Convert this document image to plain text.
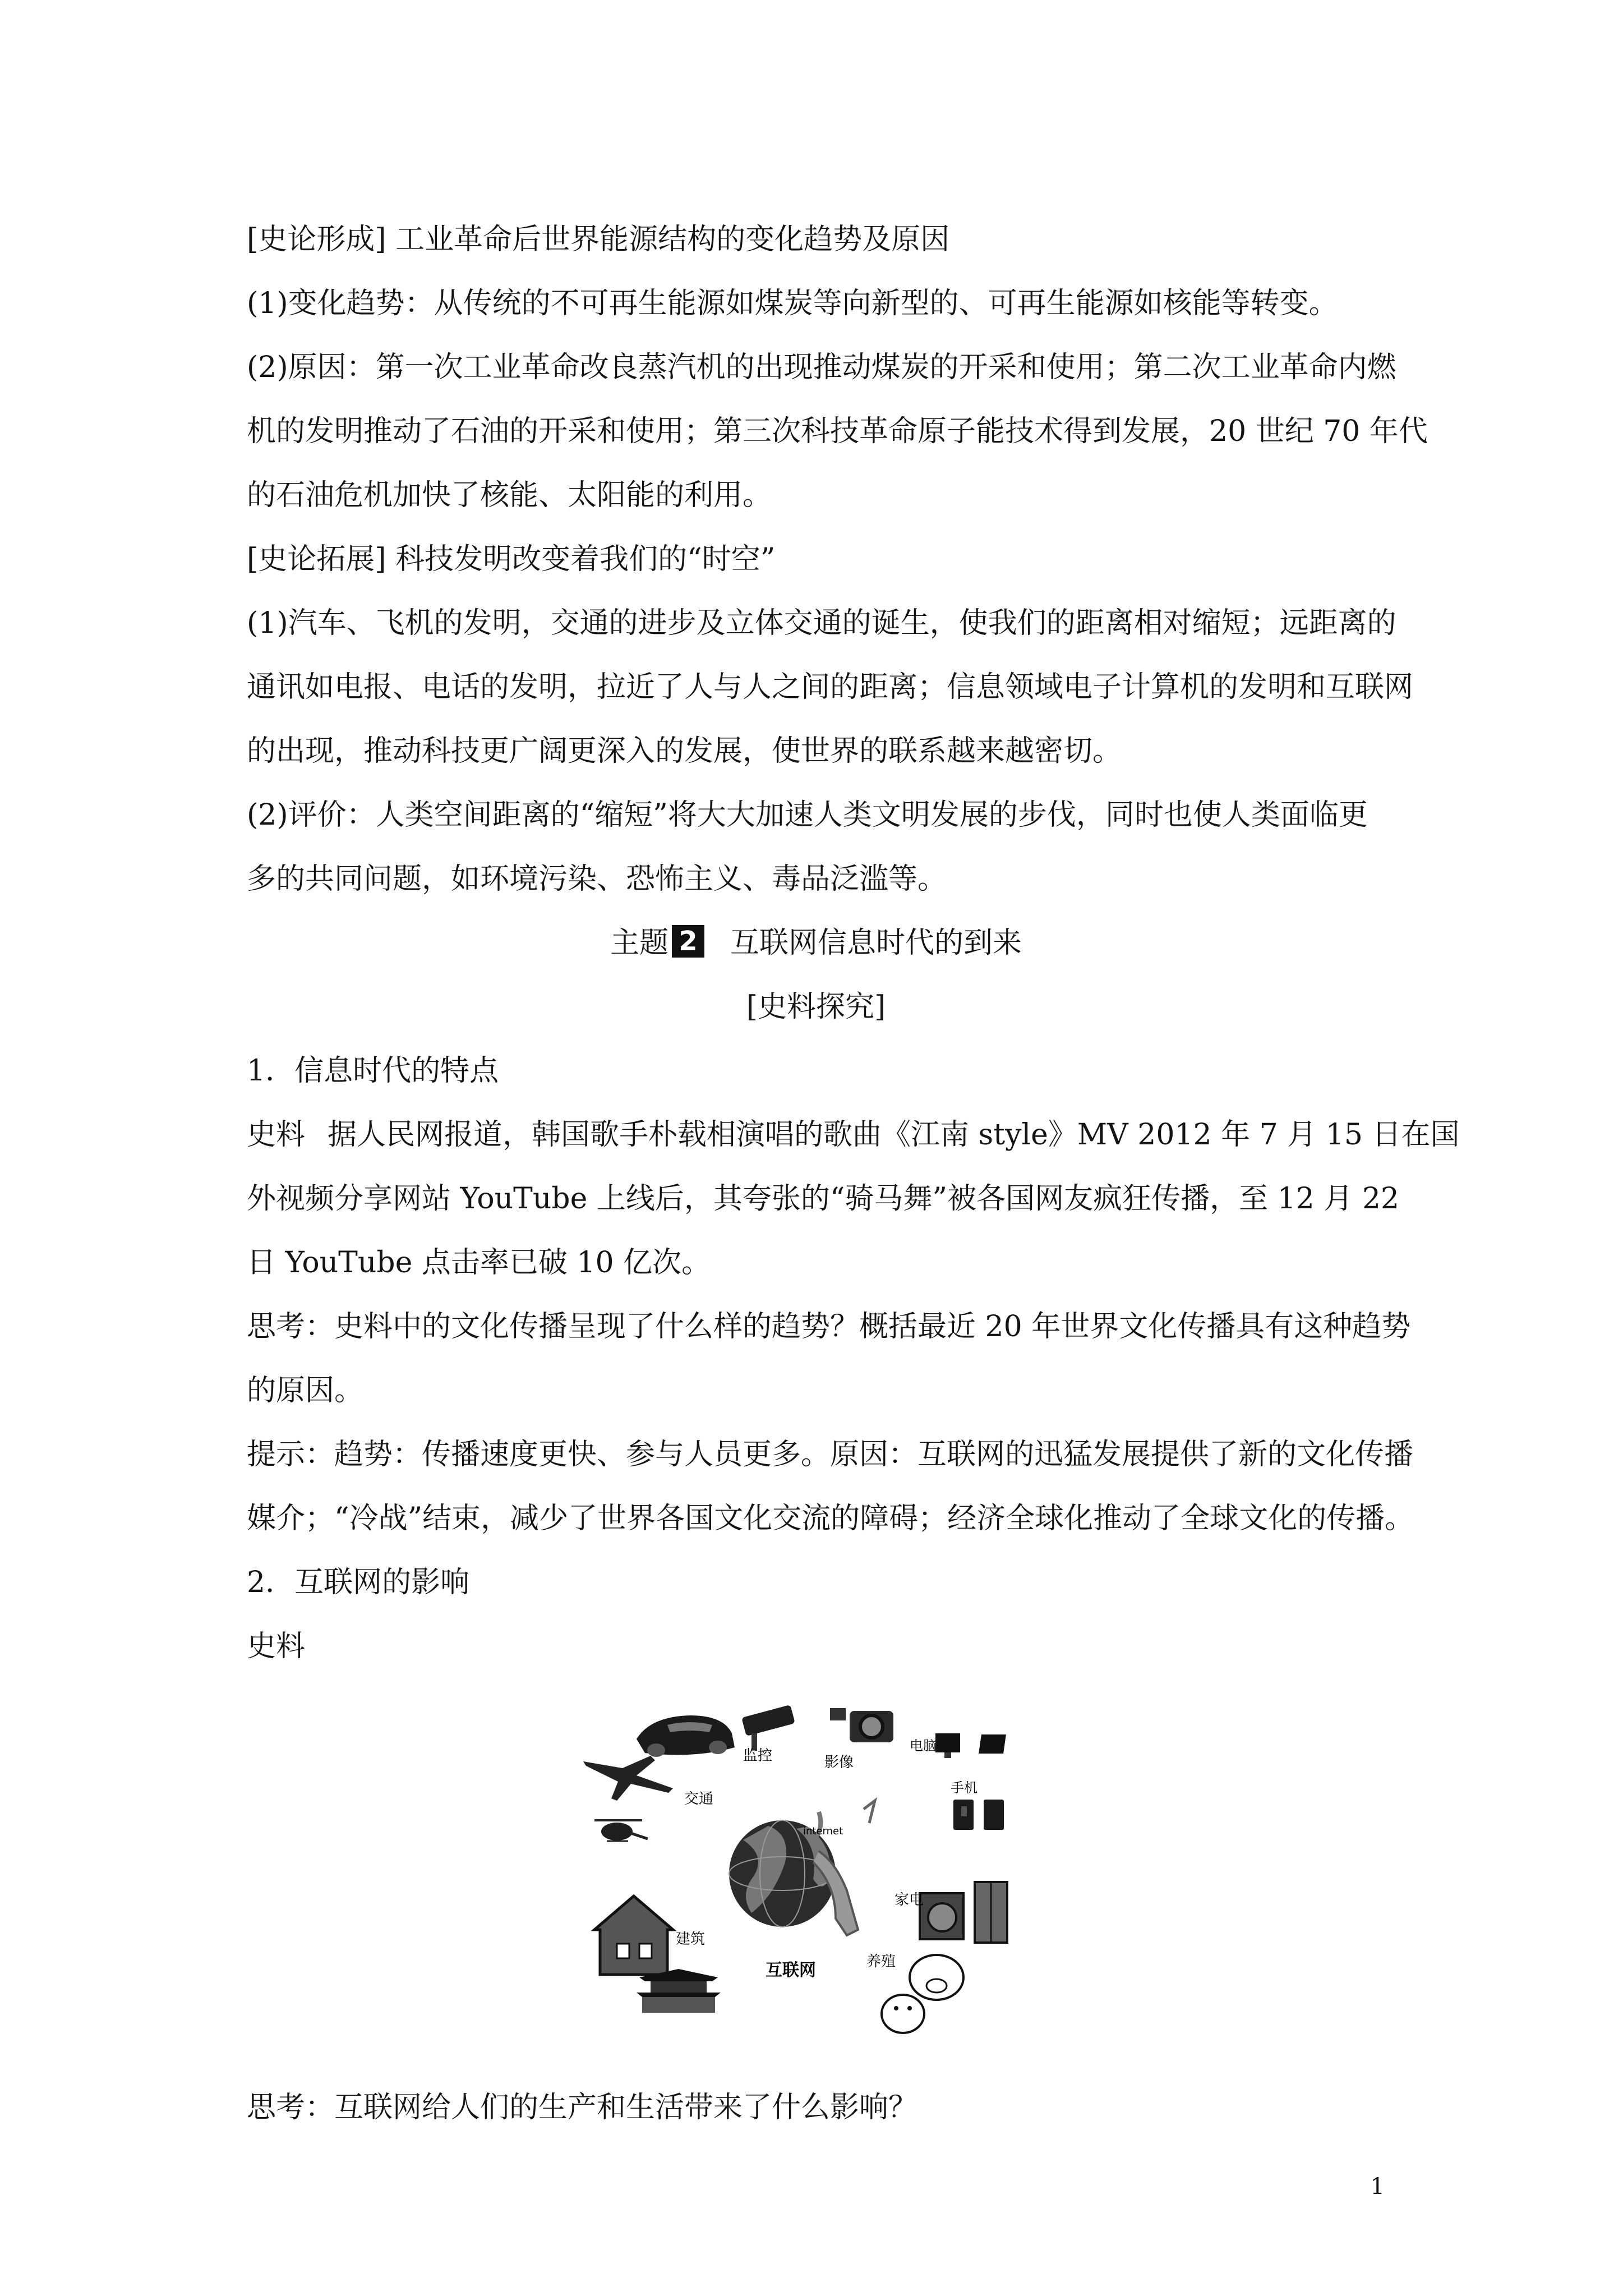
[史论形成] 工业革命后世界能源结构的变化趋势及原因

(1)变化趋势：从传统的不可再生能源如煤炭等向新型的、可再生能源如核能等转变。

(2)原因：第一次工业革命改良蒸汽机的出现推动煤炭的开采和使用；第二次工业革命内燃

机的发明推动了石油的开采和使用；第三次科技革命原子能技术得到发展，20 世纪 70 年代

的石油危机加快了核能、太阳能的利用。

[史论拓展] 科技发明改变着我们的“时空”

(1)汽车、飞机的发明，交通的进步及立体交通的诞生，使我们的距离相对缩短；远距离的

通讯如电报、电话的发明，拉近了人与人之间的距离；信息领域电子计算机的发明和互联网

的出现，推动科技更广阔更深入的发展，使世界的联系越来越密切。

(2)评价：人类空间距离的“缩短”将大大加速人类文明发展的步伐，同时也使人类面临更

多的共同问题，如环境污染、恐怖主义、毒品泛滥等。

主题 2 互联网信息时代的到来

[史料探究]

1．信息时代的特点

史料 据人民网报道，韩国歌手朴载相演唱的歌曲《江南 style》MV 2012 年 7 月 15 日在国

外视频分享网站 YouTube 上线后，其夸张的“骑马舞”被各国网友疯狂传播，至 12 月 22

日 YouTube 点击率已破 10 亿次。

思考：史料中的文化传播呈现了什么样的趋势？概括最近 20 年世界文化传播具有这种趋势

的原因。

提示：趋势：传播速度更快、参与人员更多。原因：互联网的迅猛发展提供了新的文化传播

媒介；“冷战”结束，减少了世界各国文化交流的障碍；经济全球化推动了全球文化的传播。

2．互联网的影响

史料

监控	影像
电脑
交通
手机
internet
家电
建筑
养殖
互联网

思考：互联网给人们的生产和生活带来了什么影响？

1
